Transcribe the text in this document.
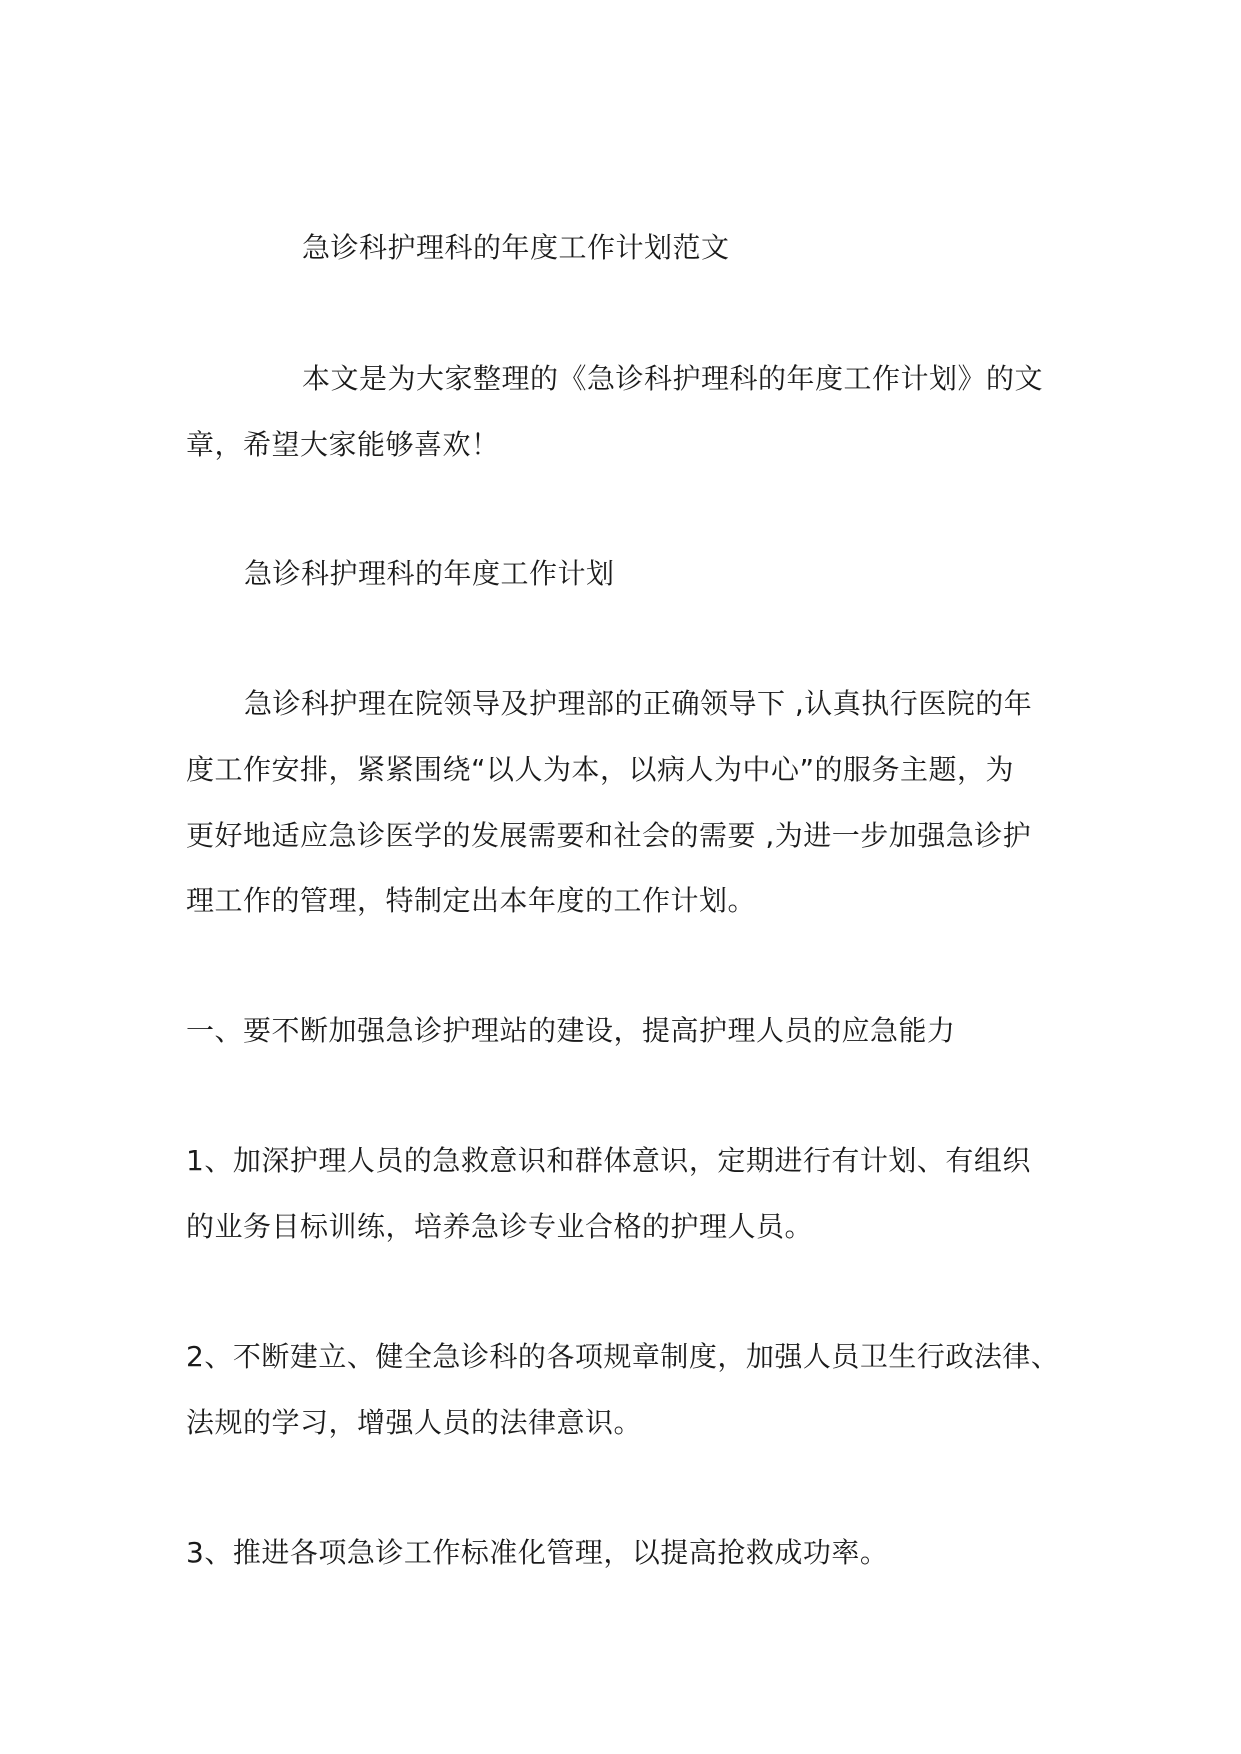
急诊科护理科的年度工作计划范文
本文是为大家整理的《急诊科护理科的年度工作计划》的文
章，希望大家能够喜欢！
急诊科护理科的年度工作计划
急诊科护理在院领导及护理部的正确领导下 ,认真执行医院的年
度工作安排，紧紧围绕“以人为本，以病人为中心”的服务主题，为
更好地适应急诊医学的发展需要和社会的需要 ,为进一步加强急诊护
理工作的管理，特制定出本年度的工作计划。
一、要不断加强急诊护理站的建设，提高护理人员的应急能力
1、加深护理人员的急救意识和群体意识，定期进行有计划、有组织
的业务目标训练，培养急诊专业合格的护理人员。
2、不断建立、健全急诊科的各项规章制度，加强人员卫生行政法律、
法规的学习，增强人员的法律意识。
3、推进各项急诊工作标准化管理，以提高抢救成功率。
